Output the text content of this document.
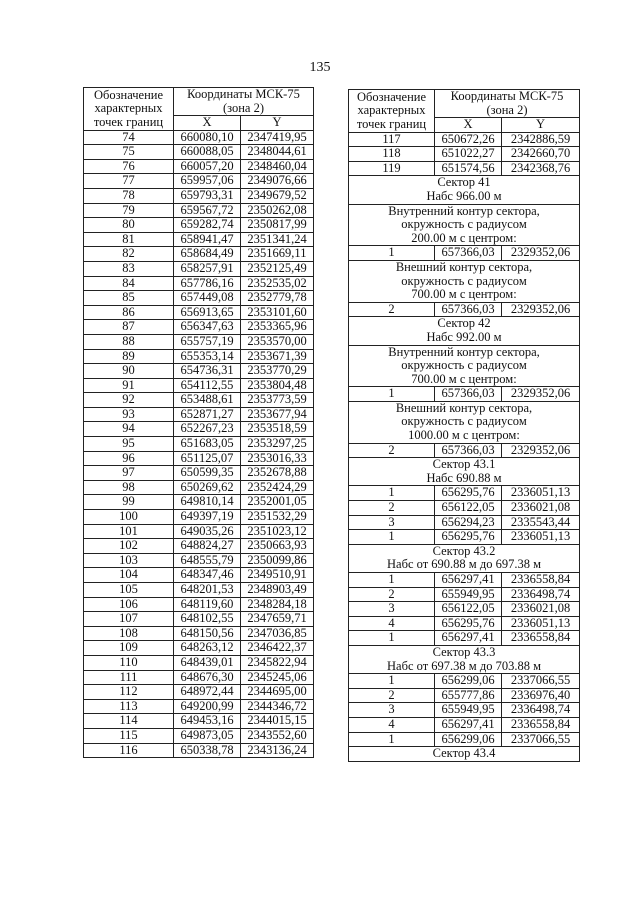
135
Обозначение характерных точек границ	Координаты МСК-75 (зона 2)	
	X	Y
74	660080,10	2347419,95
75	660088,05	2348044,61
76	660057,20	2348460,04
77	659957,06	2349076,66
78	659793,31	2349679,52
79	659567,72	2350262,08
80	659282,74	2350817,99
81	658941,47	2351341,24
82	658684,49	2351669,11
83	658257,91	2352125,49
84	657786,16	2352535,02
85	657449,08	2352779,78
86	656913,65	2353101,60
87	656347,63	2353365,96
88	655757,19	2353570,00
89	655353,14	2353671,39
90	654736,31	2353770,29
91	654112,55	2353804,48
92	653488,61	2353773,59
93	652871,27	2353677,94
94	652267,23	2353518,59
95	651683,05	2353297,25
96	651125,07	2353016,33
97	650599,35	2352678,88
98	650269,62	2352424,29
99	649810,14	2352001,05
100	649397,19	2351532,29
101	649035,26	2351023,12
102	648824,27	2350663,93
103	648555,79	2350099,86
104	648347,46	2349510,91
105	648201,53	2348903,49
106	648119,60	2348284,18
107	648102,55	2347659,71
108	648150,56	2347036,85
109	648263,12	2346422,37
110	648439,01	2345822,94
111	648676,30	2345245,06
112	648972,44	2344695,00
113	649200,99	2344346,72
114	649453,16	2344015,15
115	649873,05	2343552,60
116	650338,78	2343136,24
Обозначение характерных точек границ	Координаты МСК-75 (зона 2)	
	X	Y
117	650672,26	2342886,59
118	651022,27	2342660,70
119	651574,56	2342368,76

Сектор 41
Набс 966.00 м		

Внутренний контур сектора,
окружность с радиусом
200.00 м с центром:		

1	657366,03	2329352,06

Внешний контур сектора,
окружность с радиусом
700.00 м с центром:		

2	657366,03	2329352,06

Сектор 42
Набс 992.00 м		

Внутренний контур сектора,
окружность с радиусом
700.00 м с центром:		

1	657366,03	2329352,06

Внешний контур сектора,
окружность с радиусом
1000.00 м с центром:		

2	657366,03	2329352,06

Сектор 43.1
Набс 690.88 м		

1	656295,76	2336051,13
2	656122,05	2336021,08
3	656294,23	2335543,44
1	656295,76	2336051,13

Сектор 43.2
Набс от 690.88 м до 697.38 м		

1	656297,41	2336558,84
2	655949,95	2336498,74
3	656122,05	2336021,08
4	656295,76	2336051,13
1	656297,41	2336558,84

Сектор 43.3
Набс от 697.38 м до 703.88 м		

1	656299,06	2337066,55
2	655777,86	2336976,40
3	655949,95	2336498,74
4	656297,41	2336558,84
1	656299,06	2337066,55

Сектор 43.4		
